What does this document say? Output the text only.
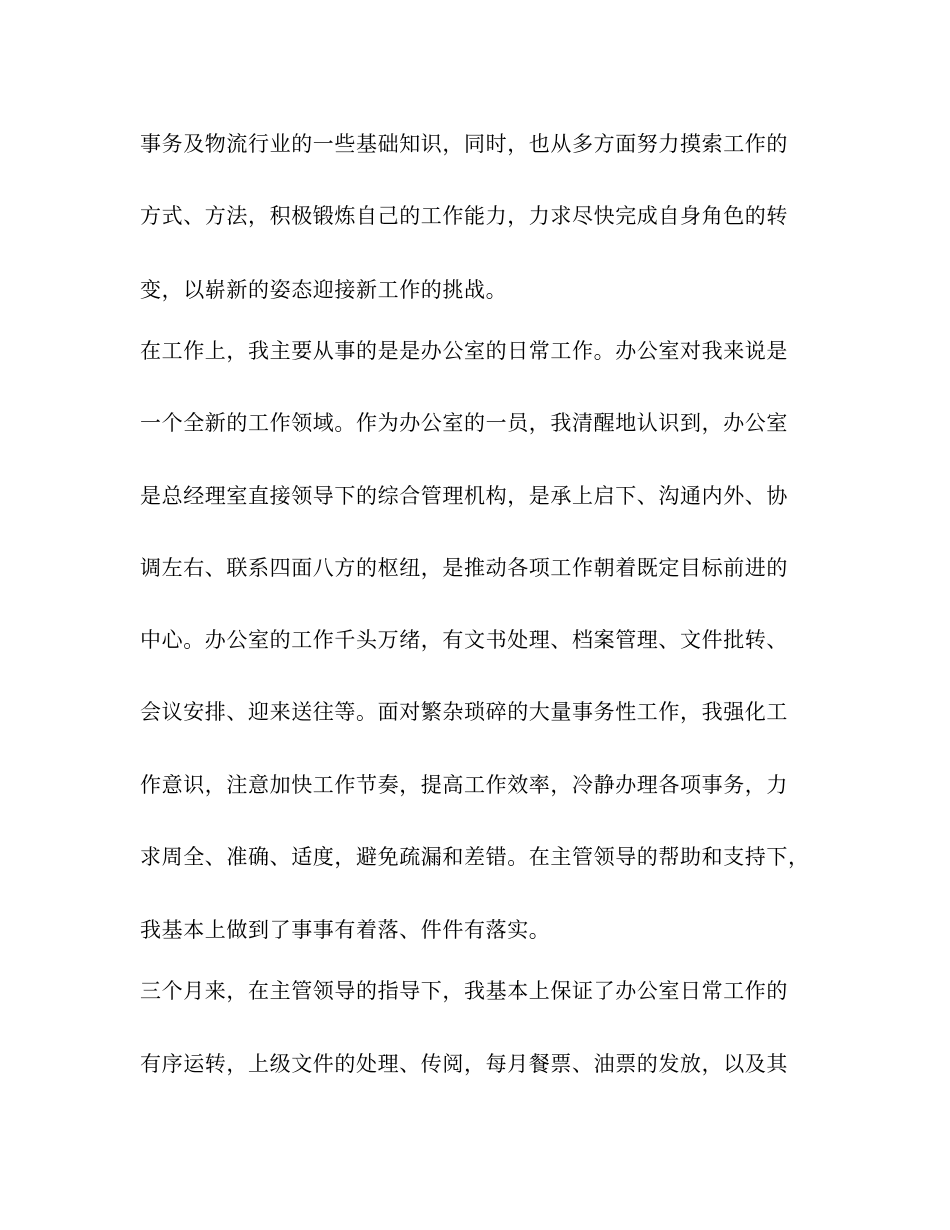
事务及物流行业的一些基础知识，同时，也从多方面努力摸索工作的
方式、方法，积极锻炼自己的工作能力，力求尽快完成自身角色的转
变，以崭新的姿态迎接新工作的挑战。
在工作上，我主要从事的是是办公室的日常工作。办公室对我来说是
一个全新的工作领域。作为办公室的一员，我清醒地认识到，办公室
是总经理室直接领导下的综合管理机构，是承上启下、沟通内外、协
调左右、联系四面八方的枢纽，是推动各项工作朝着既定目标前进的
中心。办公室的工作千头万绪，有文书处理、档案管理、文件批转、
会议安排、迎来送往等。面对繁杂琐碎的大量事务性工作，我强化工
作意识，注意加快工作节奏，提高工作效率，冷静办理各项事务，力
求周全、准确、适度，避免疏漏和差错。在主管领导的帮助和支持下，
我基本上做到了事事有着落、件件有落实。
三个月来，在主管领导的指导下，我基本上保证了办公室日常工作的
有序运转，上级文件的处理、传阅，每月餐票、油票的发放，以及其
